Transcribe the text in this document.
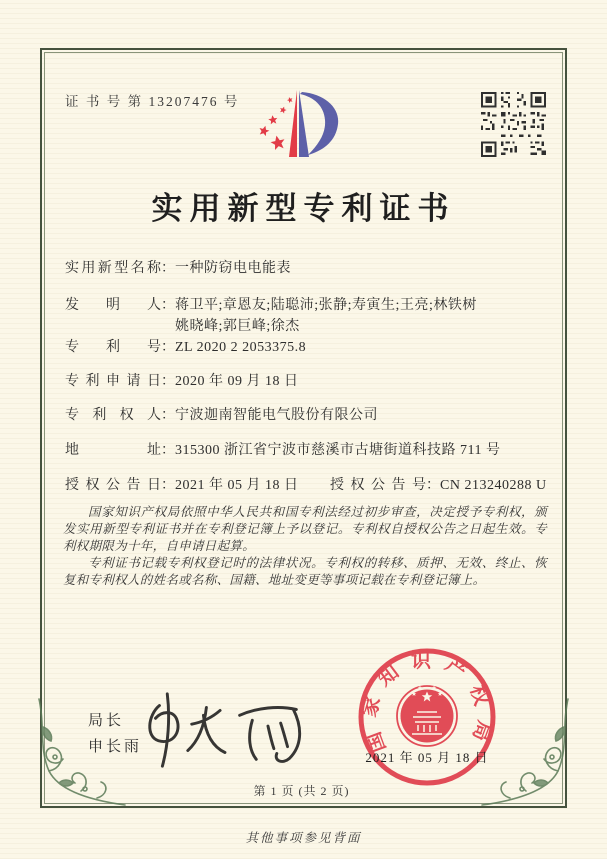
证 书 号 第 13207476 号
实用新型专利证书
实用新型名称：一种防窃电电能表
发明人： 蒋卫平;章恩友;陆聪沛;张静;寿寅生;王亮;林铁树
姚晓峰;郭巨峰;徐杰
专利号：ZL 2020 2 2053375.8
专利申请日：2020 年 09 月 18 日
专利权人：宁波迦南智能电气股份有限公司
地址：315300 浙江省宁波市慈溪市古塘街道科技路 711 号
授权公告日：2021 年 05 月 18 日 授权公告号：CN 213240288 U

国家知识产权局依照中华人民共和国专利法经过初步审查，决定授予专利权，颁发实用新型专利证书并在专利登记簿上予以登记。专利权自授权公告之日起生效。专利权期限为十年，自申请日起算。

专利证书记载专利权登记时的法律状况。专利权的转移、质押、无效、终止、恢复和专利权人的姓名或名称、国籍、地址变更等事项记载在专利登记簿上。

局长
申长雨	国家知识产权局
2021 年 05 月 18 日
第 1 页 (共 2 页)
其他事项参见背面
